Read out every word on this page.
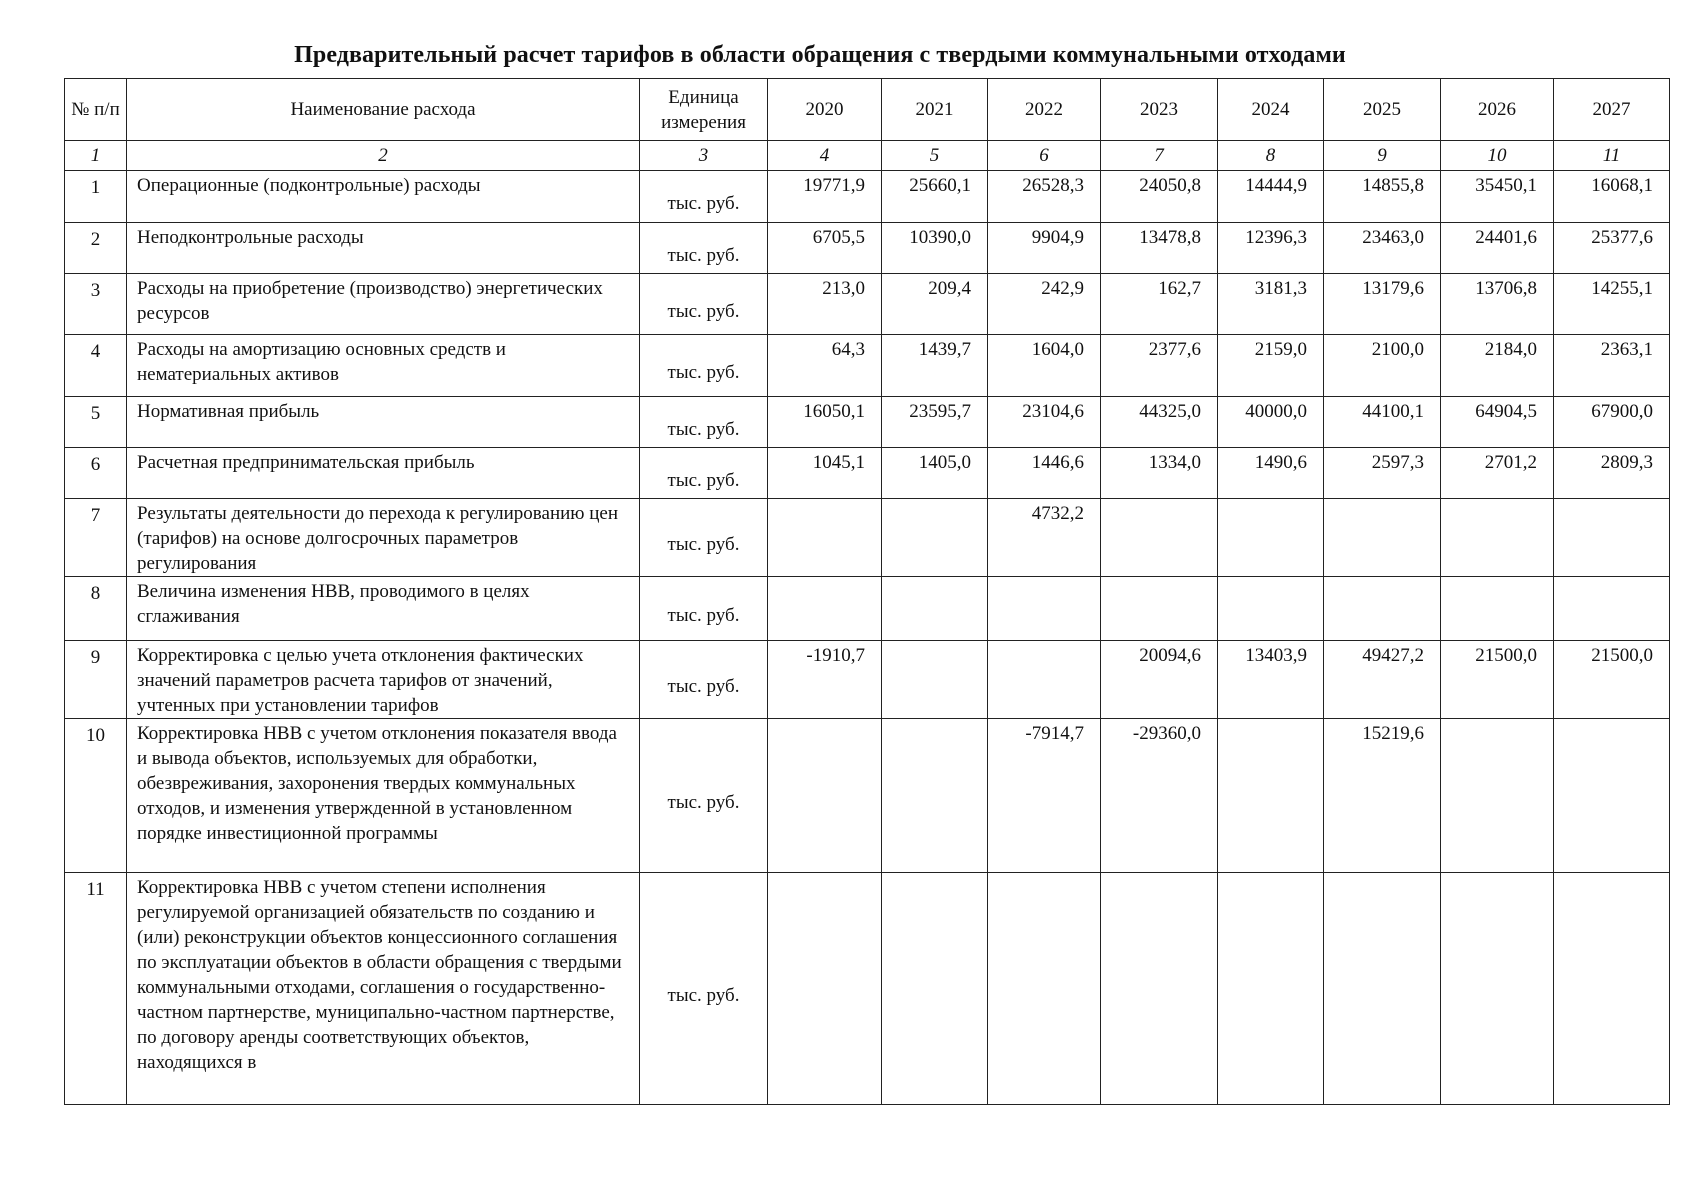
Предварительный расчет тарифов в области обращения с твердыми коммунальными отходами
№ п/п	Наименование расхода	Единица измерения	2020	2021	2022	2023	2024	2025	2026	2027
1	2	3	4	5	6	7	8	9	10	11
1	Операционные (подконтрольные) расходы	тыс. руб.	19771,9	25660,1	26528,3	24050,8	14444,9	14855,8	35450,1	16068,1
2	Неподконтрольные расходы	тыс. руб.	6705,5	10390,0	9904,9	13478,8	12396,3	23463,0	24401,6	25377,6
3	Расходы на приобретение (производство) энергетических ресурсов	тыс. руб.	213,0	209,4	242,9	162,7	3181,3	13179,6	13706,8	14255,1
4	Расходы на амортизацию основных средств и нематериальных активов	тыс. руб.	64,3	1439,7	1604,0	2377,6	2159,0	2100,0	2184,0	2363,1
5	Нормативная прибыль	тыс. руб.	16050,1	23595,7	23104,6	44325,0	40000,0	44100,1	64904,5	67900,0
6	Расчетная предпринимательская прибыль	тыс. руб.	1045,1	1405,0	1446,6	1334,0	1490,6	2597,3	2701,2	2809,3
7	Результаты деятельности до перехода к регулированию цен (тарифов) на основе долгосрочных параметров регулирования	тыс. руб.			4732,2					
8	Величина изменения НВВ, проводимого в целях сглаживания	тыс. руб.								
9	Корректировка с целью учета отклонения фактических значений параметров расчета тарифов от значений, учтенных при установлении тарифов	тыс. руб.	-1910,7			20094,6	13403,9	49427,2	21500,0	21500,0
10	Корректировка НВВ с учетом отклонения показателя ввода и вывода объектов, используемых для обработки, обезвреживания, захоронения твердых коммунальных отходов, и изменения утвержденной в установленном порядке инвестиционной программы	тыс. руб.			-7914,7	-29360,0		15219,6		
11	Корректировка НВВ с учетом степени исполнения регулируемой организацией обязательств по созданию и (или) реконструкции объектов концессионного соглашения по эксплуатации объектов в области обращения с твердыми коммунальными отходами, соглашения о государственно-частном партнерстве, муниципально-частном партнерстве, по договору аренды соответствующих объектов, находящихся в	тыс. руб.								
